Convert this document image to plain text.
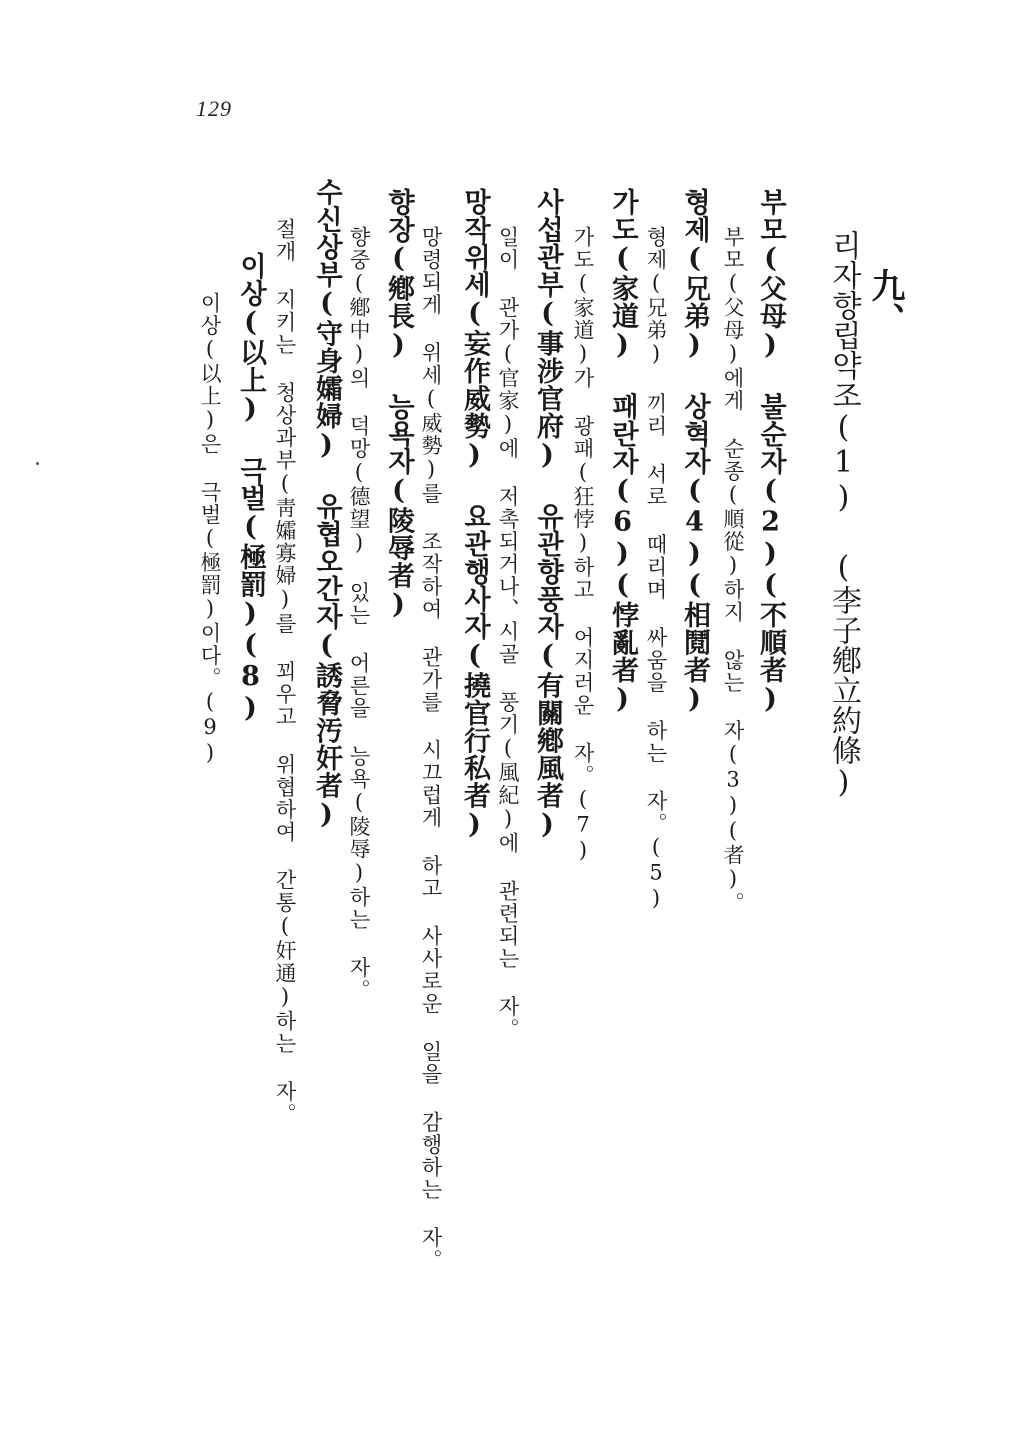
129
九、
리자향립약조(1) (李子鄕立約條)
부모(父母) 불순자(2)(不順者)
부모(父母)에게 순종(順從)하지 않는 자(3)(者)。
형제(兄弟) 상혁자(4)(相鬩者)
형제(兄弟) 끼리 서로 때리며 싸움을 하는 자。(5)
가도(家道) 패란자(6)(悖亂者)
가도(家道)가 광패(狂悖)하고 어지러운 자。(7)
사섭관부(事涉官府) 유관향풍자(有關鄕風者)
일이 관가(官家)에 저촉되거나、시골 풍기(風紀)에 관련되는 자。
망작위세(妄作威勢) 요관행사자(撓官行私者)
망령되게 위세(威勢)를 조작하여 관가를 시끄럽게 하고 사사로운 일을 감행하는 자。
향장(鄕長) 능욕자(陵辱者)
향중(鄕中)의 덕망(德望) 있는 어른을 능욕(陵辱)하는 자。
수신상부(守身孀婦) 유협오간자(誘脅汚奸者)
절개 지키는 청상과부(靑孀寡婦)를 꾀우고 위협하여 간통(奸通)하는 자。
이상(以上) 극벌(極罰)(8)
이상(以上)은 극벌(極罰)이다。(9)
